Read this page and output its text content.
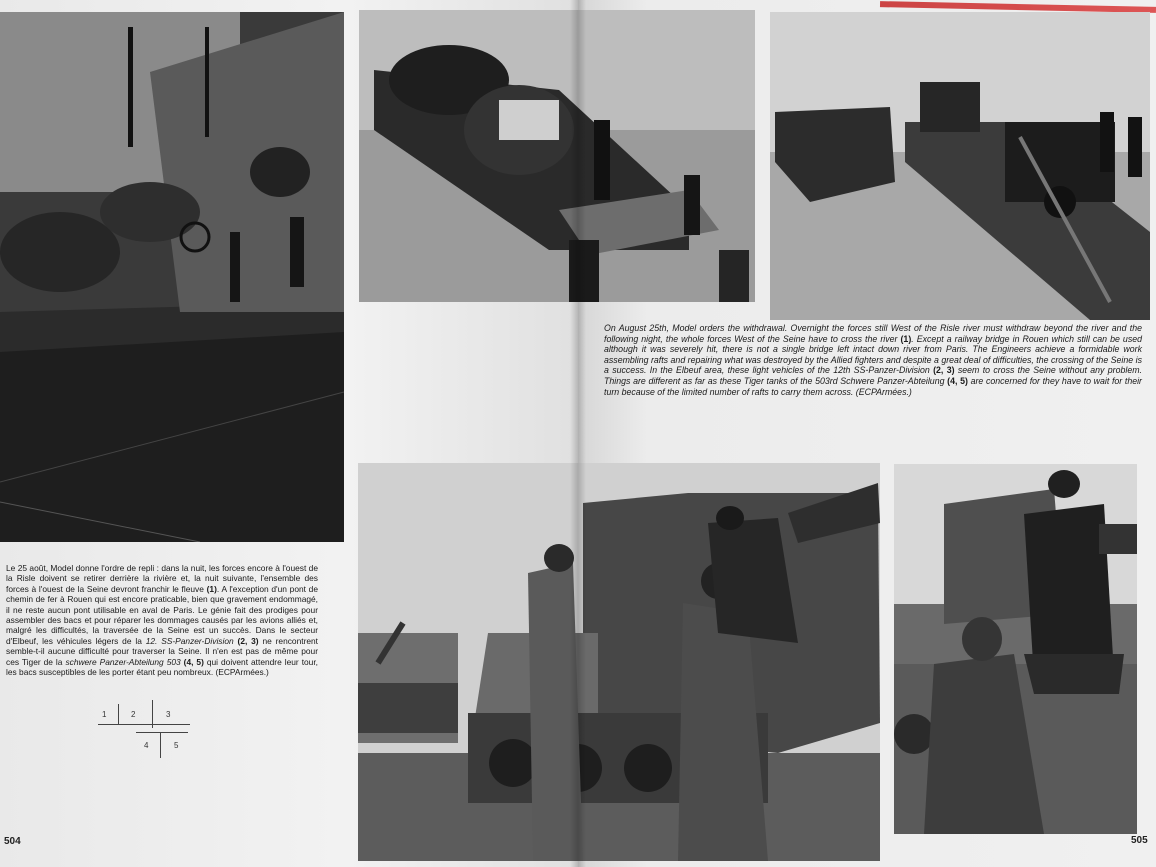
Le 25 août, Model donne l'ordre de repli : dans la nuit, les forces encore à l'ouest de la Risle doivent se retirer derrière la rivière et, la nuit suivante, l'ensemble des forces à l'ouest de la Seine devront franchir le fleuve (1). A l'exception d'un pont de chemin de fer à Rouen qui est encore praticable, bien que gravement endommagé, il ne reste aucun pont utilisable en aval de Paris. Le génie fait des prodiges pour assembler des bacs et pour réparer les dommages causés par les avions alliés et, malgré les difficultés, la traversée de la Seine est un succès. Dans le secteur d'Elbeuf, les véhicules légers de la 12. SS-Panzer-Division (2, 3) ne rencontrent semble-t-il aucune difficulté pour traverser la Seine. Il n'en est pas de même pour ces Tiger de la schwere Panzer-Abteilung 503 (4, 5) qui doivent attendre leur tour, les bacs susceptibles de les porter étant peu nombreux. (ECPArmées.)
1	2	3
4	5
On August 25th, Model orders the withdrawal. Overnight the forces still West of the Risle river must withdraw beyond the river and the following night, the whole forces West of the Seine have to cross the river (1). Except a railway bridge in Rouen which still can be used although it was severely hit, there is not a single bridge left intact down river from Paris. The Engineers achieve a formidable work assembling rafts and repairing what was destroyed by the Allied fighters and despite a great deal of difficulties, the crossing of the Seine is a success. In the Elbeuf area, these light vehicles of the 12th SS-Panzer-Division (2, 3) seem to cross the Seine without any problem. Things are different as far as these Tiger tanks of the 503rd Schwere Panzer-Abteilung (4, 5) are concerned for they have to wait for their turn because of the limited number of rafts to carry them across. (ECPArmées.)
504	505
